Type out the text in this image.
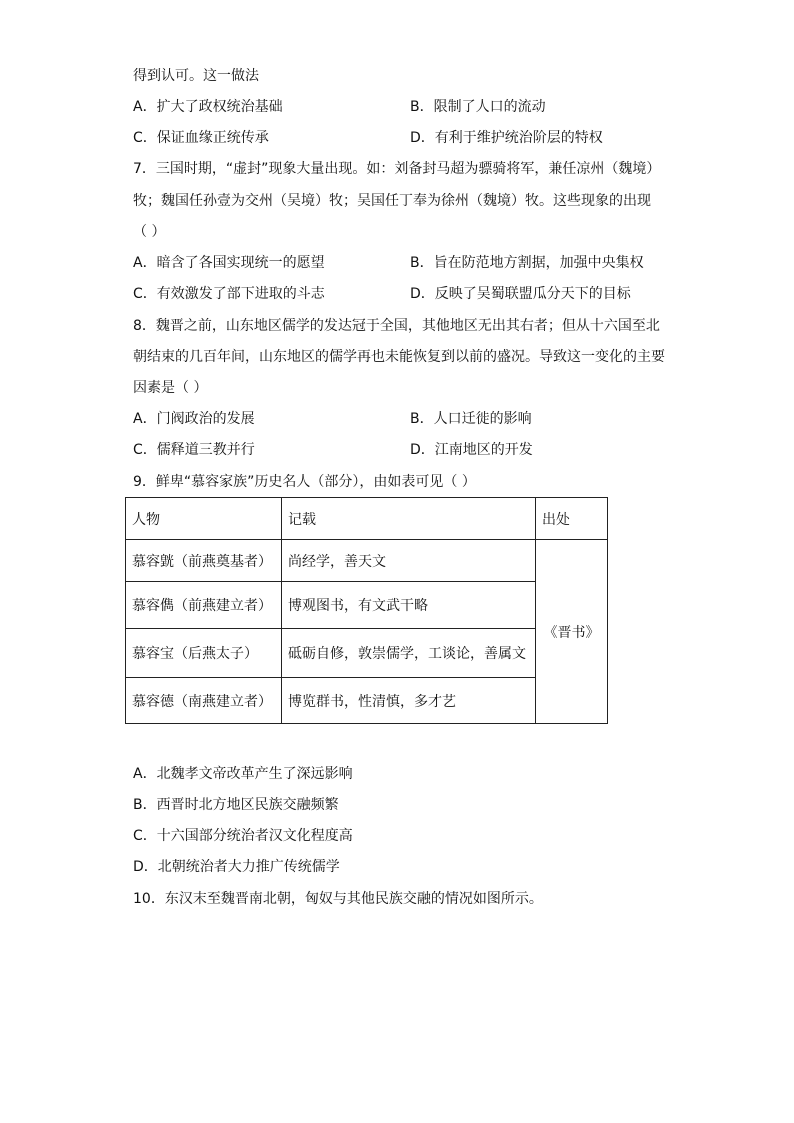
得到认可。这一做法
A．扩大了政权统治基础	B．限制了人口的流动
C．保证血缘正统传承	D．有利于维护统治阶层的特权
7．三国时期，“虚封”现象大量出现。如：刘备封马超为骠骑将军，兼任凉州（魏境）
牧；魏国任孙壹为交州（吴境）牧；吴国任丁奉为徐州（魏境）牧。这些现象的出现
（ ）
A．暗含了各国实现统一的愿望	B．旨在防范地方割据，加强中央集权
C．有效激发了部下进取的斗志	D．反映了吴蜀联盟瓜分天下的目标
8．魏晋之前，山东地区儒学的发达冠于全国，其他地区无出其右者；但从十六国至北
朝结束的几百年间，山东地区的儒学再也未能恢复到以前的盛况。导致这一变化的主要
因素是（ ）
A．门阀政治的发展	B．人口迁徙的影响
C．儒释道三教并行	D．江南地区的开发
9．鲜卑“慕容家族”历史名人（部分），由如表可见（ ）
人物	记载	出处
慕容皝（前燕奠基者）	尚经学，善天文	《晋书》
慕容儁（前燕建立者）	博观图书，有文武干略	
慕容宝（后燕太子）	砥砺自修，敦崇儒学，工谈论，善属文	
慕容德（南燕建立者）	博览群书，性清慎，多才艺	
A．北魏孝文帝改革产生了深远影响
B．西晋时北方地区民族交融频繁
C．十六国部分统治者汉文化程度高
D．北朝统治者大力推广传统儒学
10．东汉末至魏晋南北朝，匈奴与其他民族交融的情况如图所示。
